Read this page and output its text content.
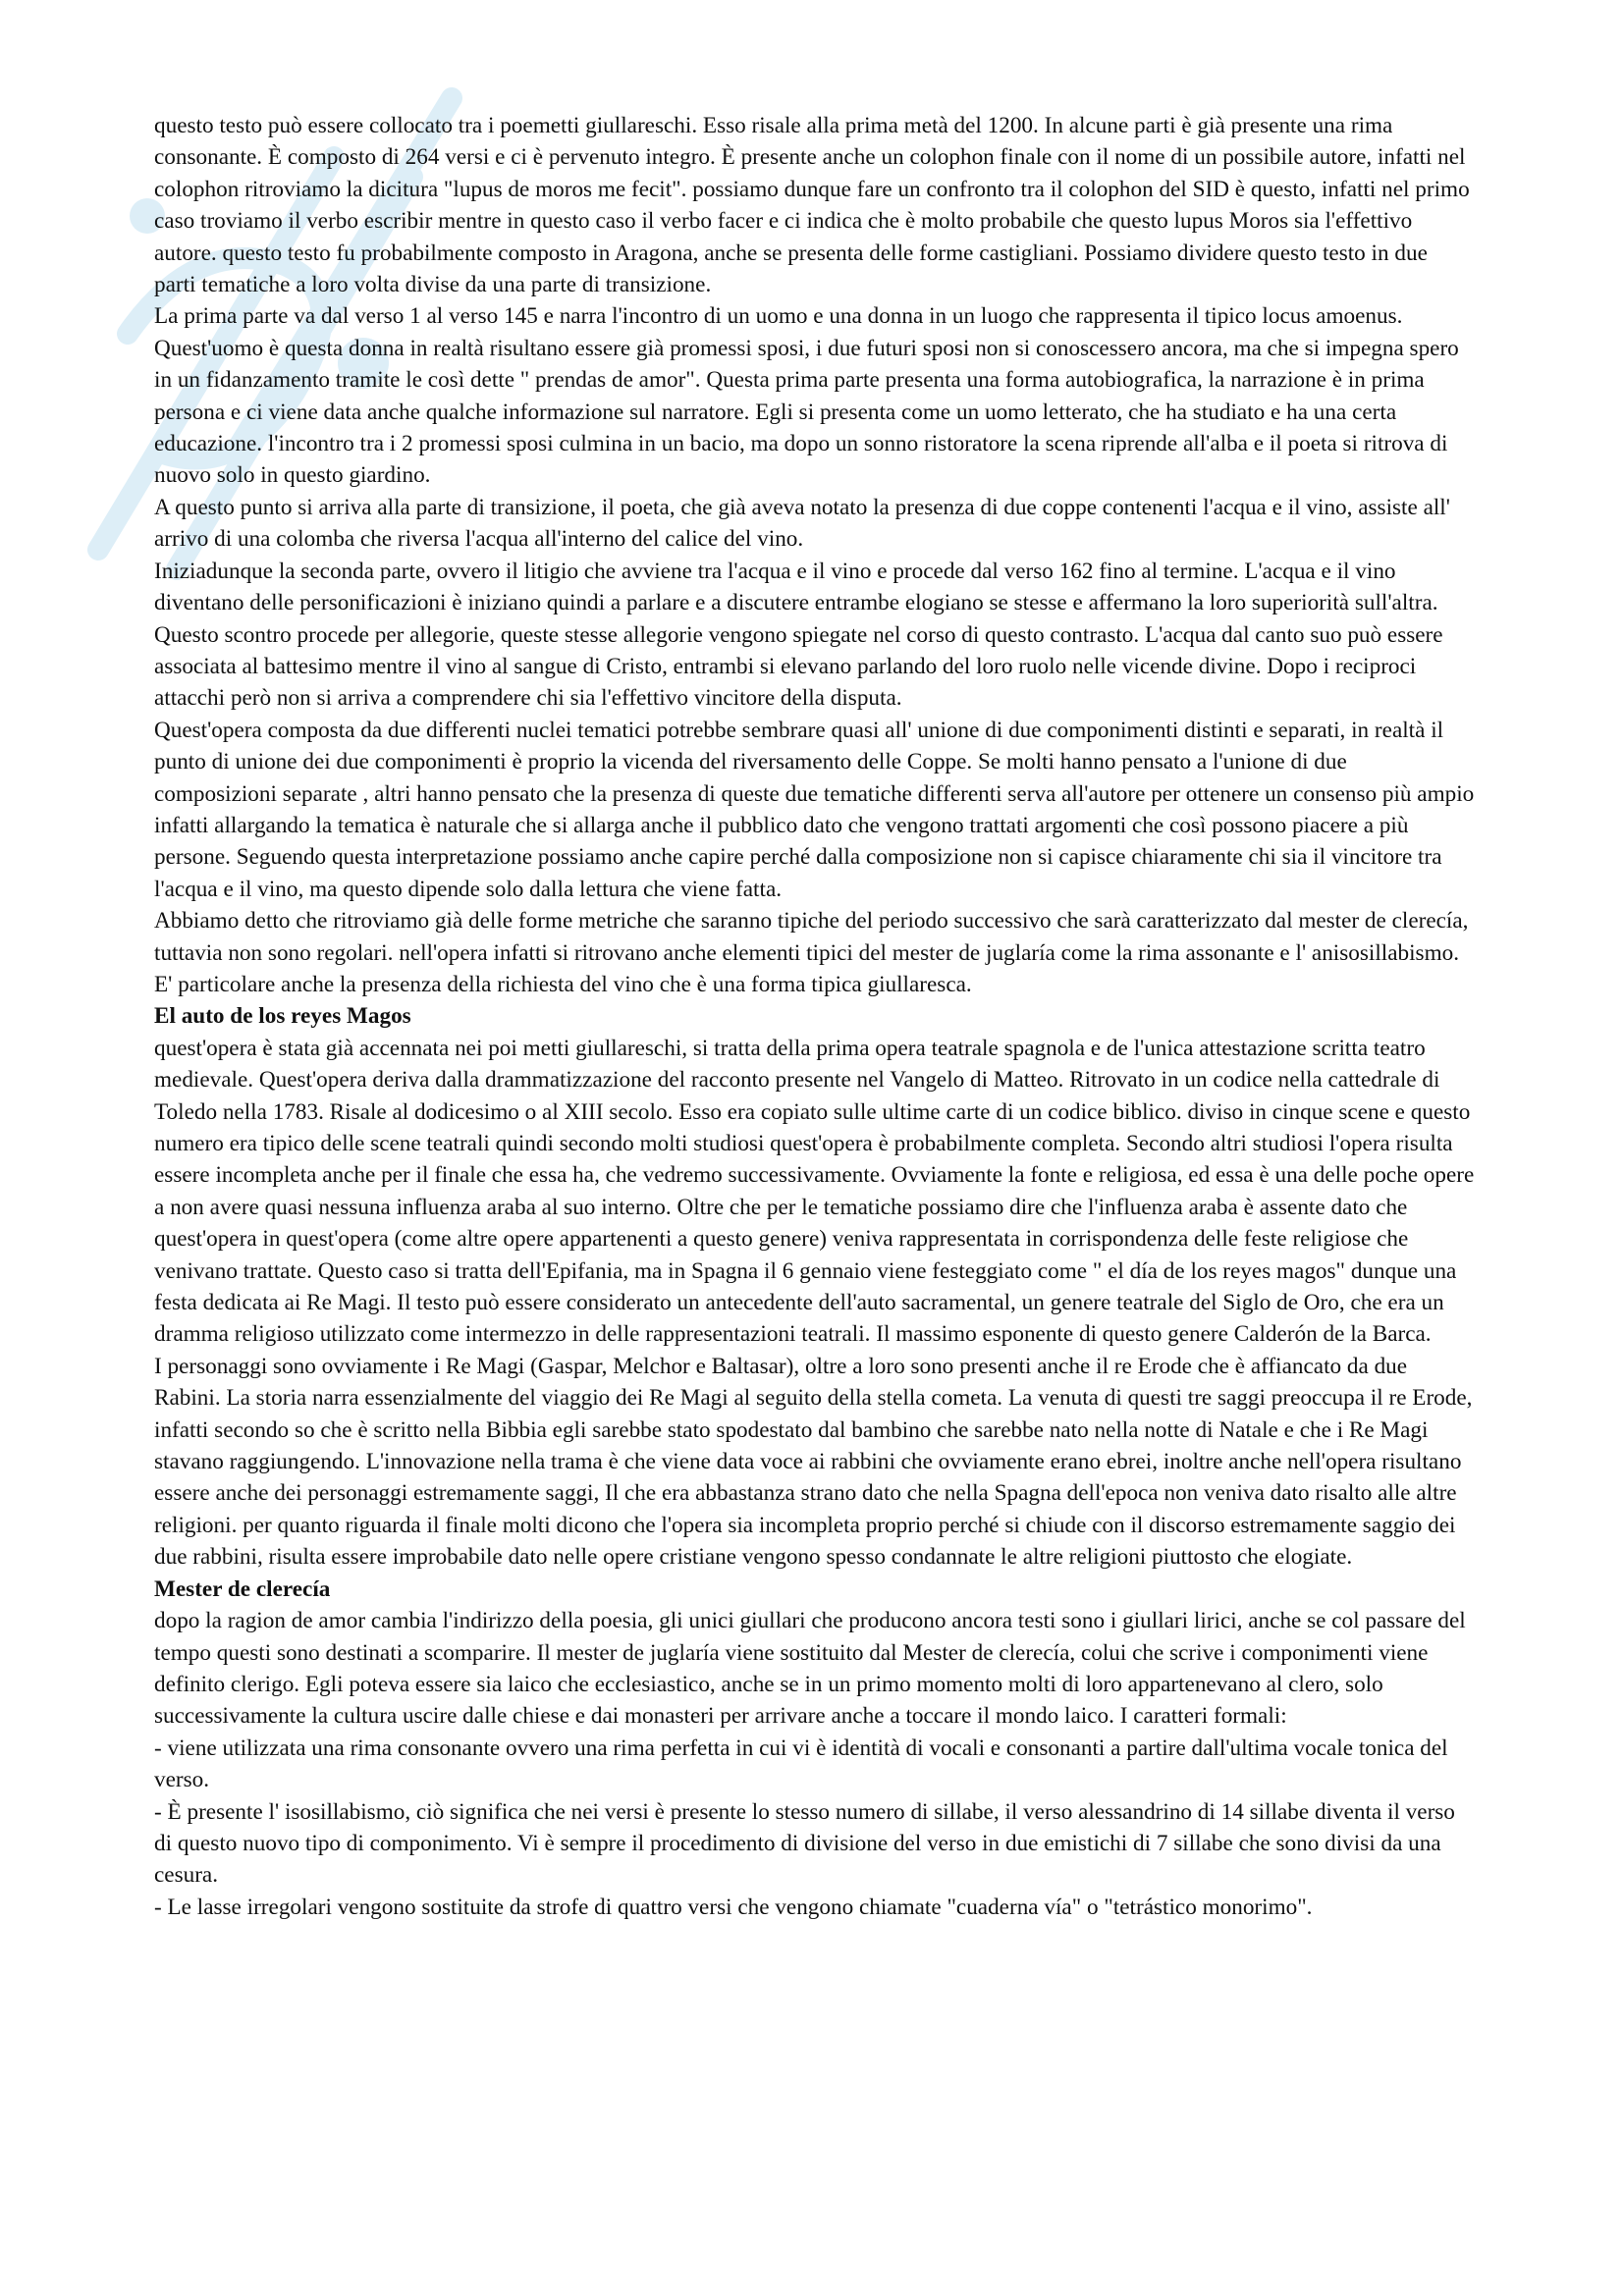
questo testo può essere collocato tra i poemetti giullareschi. Esso risale alla prima metà del 1200. In alcune parti è già presente una rima consonante. È composto di 264 versi e ci è pervenuto integro. È presente anche un colophon finale con il nome di un possibile autore, infatti nel colophon ritroviamo la dicitura "lupus de moros me fecit". possiamo dunque fare un confronto tra il colophon del SID è questo, infatti nel primo caso troviamo il verbo escribir mentre in questo caso il verbo facer e ci indica che è molto probabile che questo lupus Moros sia l'effettivo autore. questo testo fu probabilmente composto in Aragona, anche se presenta delle forme castigliani. Possiamo dividere questo testo in due parti tematiche a loro volta divise da una parte di transizione.

La prima parte va dal verso 1 al verso 145 e narra l'incontro di un uomo e una donna in un luogo che rappresenta il tipico locus amoenus. Quest'uomo è questa donna in realtà risultano essere già promessi sposi, i due futuri sposi non si conoscessero ancora, ma che si impegna spero in un fidanzamento tramite le così dette " prendas de amor". Questa prima parte presenta una forma autobiografica, la narrazione è in prima persona e ci viene data anche qualche informazione sul narratore. Egli si presenta come un uomo letterato, che ha studiato e ha una certa educazione. l'incontro tra i 2 promessi sposi culmina in un bacio, ma dopo un sonno ristoratore la scena riprende all'alba e il poeta si ritrova di nuovo solo in questo giardino.

A questo punto si arriva alla parte di transizione, il poeta, che già aveva notato la presenza di due coppe contenenti l'acqua e il vino, assiste all' arrivo di una colomba che riversa l'acqua all'interno del calice del vino.

Iniziadunque la seconda parte, ovvero il litigio che avviene tra l'acqua e il vino e procede dal verso 162 fino al termine. L'acqua e il vino diventano delle personificazioni è iniziano quindi a parlare e a discutere entrambe elogiano se stesse e affermano la loro superiorità sull'altra. Questo scontro procede per allegorie, queste stesse allegorie vengono spiegate nel corso di questo contrasto. L'acqua dal canto suo può essere associata al battesimo mentre il vino al sangue di Cristo, entrambi si elevano parlando del loro ruolo nelle vicende divine. Dopo i reciproci attacchi però non si arriva a comprendere chi sia l'effettivo vincitore della disputa.

Quest'opera composta da due differenti nuclei tematici potrebbe sembrare quasi all' unione di due componimenti distinti e separati, in realtà il punto di unione dei due componimenti è proprio la vicenda del riversamento delle Coppe. Se molti hanno pensato a l'unione di due composizioni separate , altri hanno pensato che la presenza di queste due tematiche differenti serva all'autore per ottenere un consenso più ampio infatti allargando la tematica è naturale che si allarga anche il pubblico dato che vengono trattati argomenti che così possono piacere a più persone. Seguendo questa interpretazione possiamo anche capire perché dalla composizione non si capisce chiaramente chi sia il vincitore tra l'acqua e il vino, ma questo dipende solo dalla lettura che viene fatta.

Abbiamo detto che ritroviamo già delle forme metriche che saranno tipiche del periodo successivo che sarà caratterizzato dal mester de clerecía, tuttavia non sono regolari. nell'opera infatti si ritrovano anche elementi tipici del mester de juglaría come la rima assonante e l' anisosillabismo. E' particolare anche la presenza della richiesta del vino che è una forma tipica giullaresca.

El auto de los reyes Magos

quest'opera è stata già accennata nei poi metti giullareschi, si tratta della prima opera teatrale spagnola e de l'unica attestazione scritta teatro medievale. Quest'opera deriva dalla drammatizzazione del racconto presente nel Vangelo di Matteo. Ritrovato in un codice nella cattedrale di Toledo nella 1783. Risale al dodicesimo o al XIII secolo. Esso era copiato sulle ultime carte di un codice biblico. diviso in cinque scene e questo numero era tipico delle scene teatrali quindi secondo molti studiosi quest'opera è probabilmente completa. Secondo altri studiosi l'opera risulta essere incompleta anche per il finale che essa ha, che vedremo successivamente. Ovviamente la fonte e religiosa, ed essa è una delle poche opere a non avere quasi nessuna influenza araba al suo interno. Oltre che per le tematiche possiamo dire che l'influenza araba è assente dato che quest'opera in quest'opera (come altre opere appartenenti a questo genere) veniva rappresentata in corrispondenza delle feste religiose che venivano trattate. Questo caso si tratta dell'Epifania, ma in Spagna il 6 gennaio viene festeggiato come " el día de los reyes magos" dunque una festa dedicata ai Re Magi. Il testo può essere considerato un antecedente dell'auto sacramental, un genere teatrale del Siglo de Oro, che era un dramma religioso utilizzato come intermezzo in delle rappresentazioni teatrali. Il massimo esponente di questo genere Calderón de la Barca.

I personaggi sono ovviamente i Re Magi (Gaspar, Melchor e Baltasar), oltre a loro sono presenti anche il re Erode che è affiancato da due Rabini. La storia narra essenzialmente del viaggio dei Re Magi al seguito della stella cometa. La venuta di questi tre saggi preoccupa il re Erode, infatti secondo so che è scritto nella Bibbia egli sarebbe stato spodestato dal bambino che sarebbe nato nella notte di Natale e che i Re Magi stavano raggiungendo. L'innovazione nella trama è che viene data voce ai rabbini che ovviamente erano ebrei, inoltre anche nell'opera risultano essere anche dei personaggi estremamente saggi, Il che era abbastanza strano dato che nella Spagna dell'epoca non veniva dato risalto alle altre religioni. per quanto riguarda il finale molti dicono che l'opera sia incompleta proprio perché si chiude con il discorso estremamente saggio dei due rabbini, risulta essere improbabile dato nelle opere cristiane vengono spesso condannate le altre religioni piuttosto che elogiate.

Mester de clerecía

dopo la ragion de amor cambia l'indirizzo della poesia, gli unici giullari che producono ancora testi sono i giullari lirici, anche se col passare del tempo questi sono destinati a scomparire. Il mester de juglaría viene sostituito dal Mester de clerecía, colui che scrive i componimenti viene definito clerigo. Egli poteva essere sia laico che ecclesiastico, anche se in un primo momento molti di loro appartenevano al clero, solo successivamente la cultura uscire dalle chiese e dai monasteri per arrivare anche a toccare il mondo laico. I caratteri formali:

- viene utilizzata una rima consonante ovvero una rima perfetta in cui vi è identità di vocali e consonanti a partire dall'ultima vocale tonica del verso.

- È presente l' isosillabismo, ciò significa che nei versi è presente lo stesso numero di sillabe, il verso alessandrino di 14 sillabe diventa il verso di questo nuovo tipo di componimento. Vi è sempre il procedimento di divisione del verso in due emistichi di 7 sillabe che sono divisi da una cesura.

- Le lasse irregolari vengono sostituite da strofe di quattro versi che vengono chiamate "cuaderna vía" o "tetrástico monorimo".
